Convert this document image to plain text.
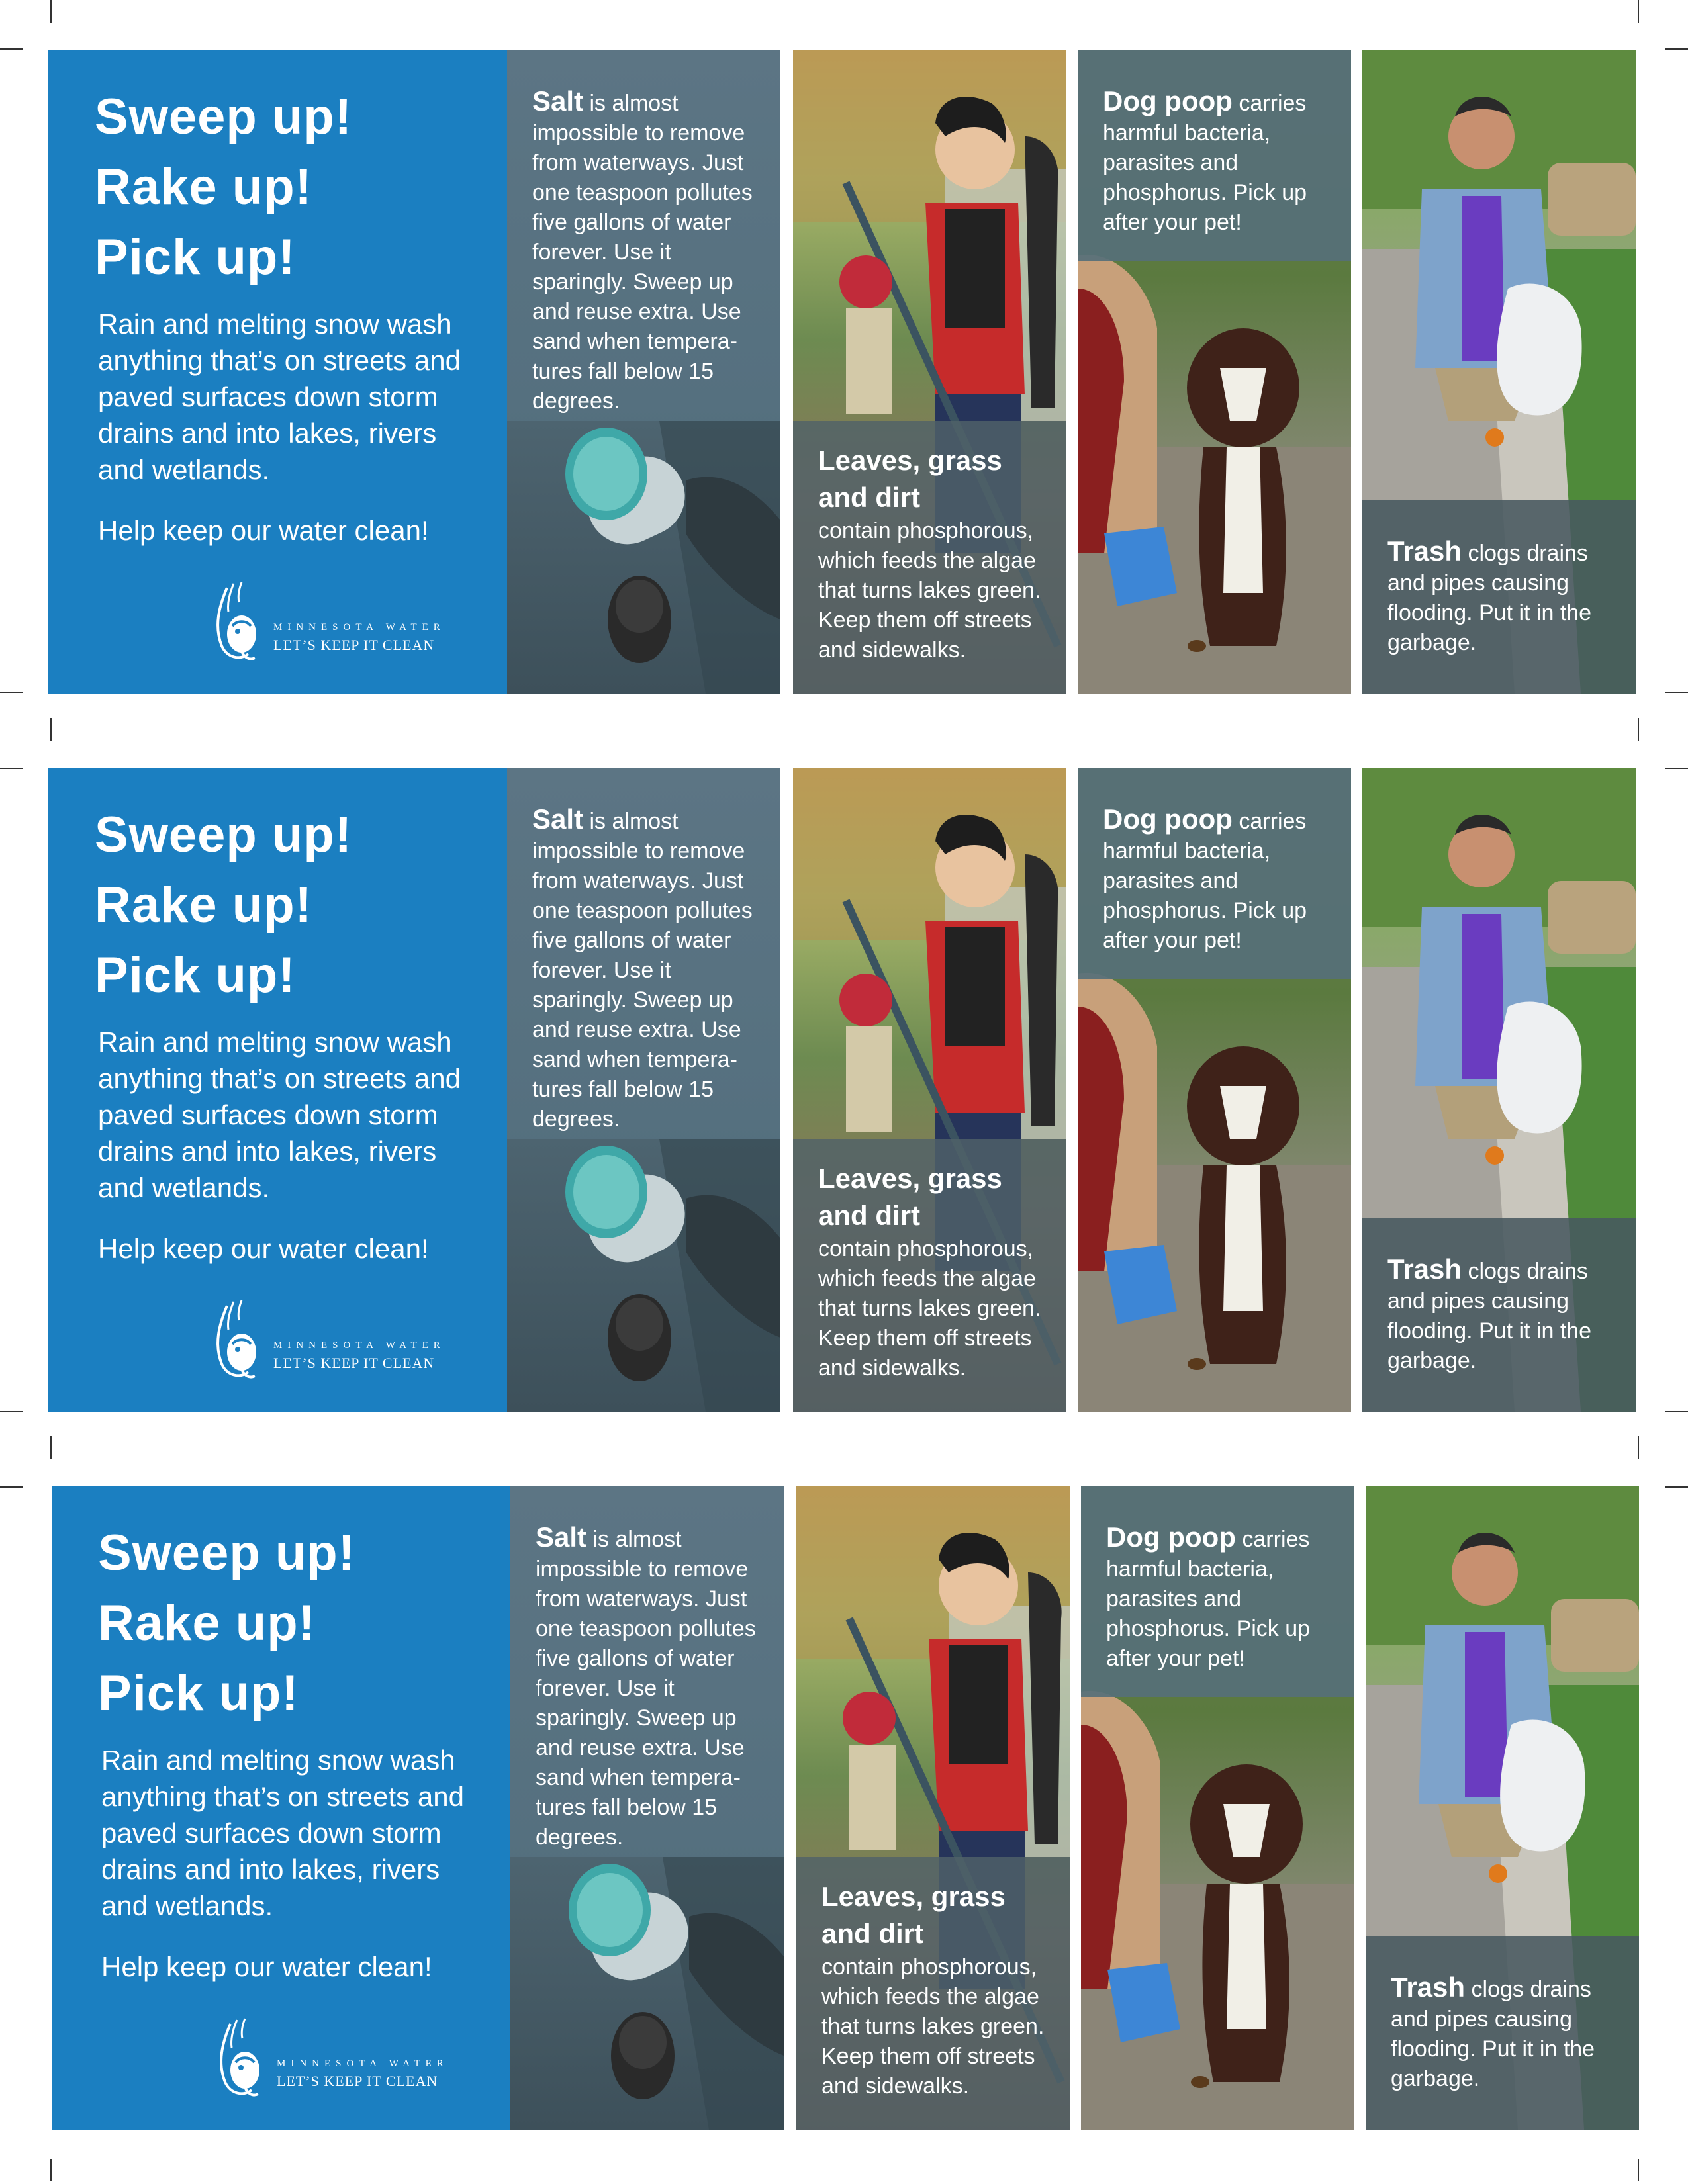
Sweep up!
Rake up!
Pick up!
Rain and melting snow wash anything that’s on streets and paved surfaces down storm drains and into lakes, rivers and wetlands.
Help keep our water clean!
MINNESOTA WATER
LET’S KEEP IT CLEAN
Salt is almost impossible to remove from waterways. Just one teaspoon pollutes five gallons of water forever. Use it sparingly. Sweep up and reuse extra. Use sand when tempera-tures fall below 15 degrees.
Leaves, grass and dirt
contain phosphorous, which feeds the algae that turns lakes green. Keep them off streets and sidewalks.
Dog poop carries harmful bacteria, parasites and phosphorus. Pick up after your pet!
Trash clogs drains and pipes causing flooding. Put it in the garbage.
Sweep up!
Rake up!
Pick up!
Rain and melting snow wash anything that’s on streets and paved surfaces down storm drains and into lakes, rivers and wetlands.
Help keep our water clean!
MINNESOTA WATER
LET’S KEEP IT CLEAN
Salt is almost impossible to remove from waterways. Just one teaspoon pollutes five gallons of water forever. Use it sparingly. Sweep up and reuse extra. Use sand when tempera-tures fall below 15 degrees.
Leaves, grass and dirt
contain phosphorous, which feeds the algae that turns lakes green. Keep them off streets and sidewalks.
Dog poop carries harmful bacteria, parasites and phosphorus. Pick up after your pet!
Trash clogs drains and pipes causing flooding. Put it in the garbage.
Sweep up!
Rake up!
Pick up!
Rain and melting snow wash anything that’s on streets and paved surfaces down storm drains and into lakes, rivers and wetlands.
Help keep our water clean!
MINNESOTA WATER
LET’S KEEP IT CLEAN
Salt is almost impossible to remove from waterways. Just one teaspoon pollutes five gallons of water forever. Use it sparingly. Sweep up and reuse extra. Use sand when tempera-tures fall below 15 degrees.
Leaves, grass and dirt
contain phosphorous, which feeds the algae that turns lakes green. Keep them off streets and sidewalks.
Dog poop carries harmful bacteria, parasites and phosphorus. Pick up after your pet!
Trash clogs drains and pipes causing flooding. Put it in the garbage.
